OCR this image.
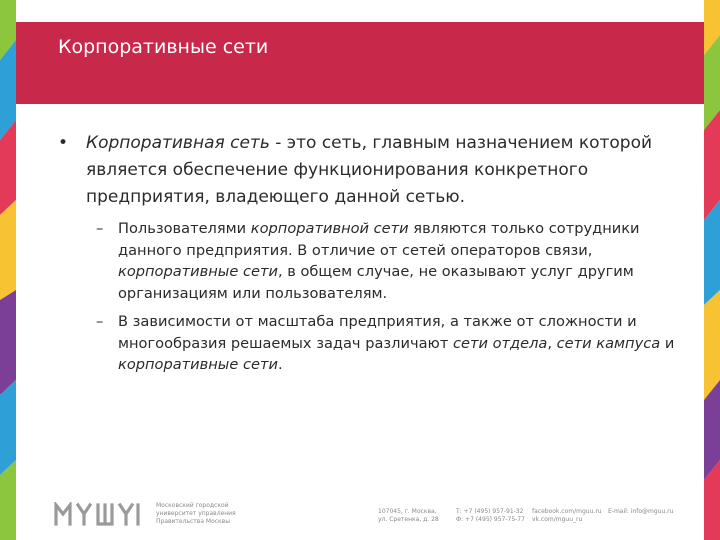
Корпоративные сети
• Корпоративная сеть - это сеть, главным назначением которой является обеспечение функционирования конкретного предприятия, владеющего данной сетью.
– Пользователями корпоративной сети являются только сотрудники данного предприятия. В отличие от сетей операторов связи, корпоративные сети, в общем случае, не оказывают услуг другим организациям или пользователям.
– В зависимости от масштаба предприятия, а также от сложности и многообразия решаемых задач различают сети отдела, сети кампуса и корпоративные сети.
Московский городской
университет управления
Правительства Москвы
107045, г. Москва,
ул. Сретенка, д. 28
Т: +7 (495) 957-91-32
Ф: +7 (495) 957-75-77
facebook.com/mguu.ru
vk.com/mguu_ru
E-mail: info@mguu.ru
